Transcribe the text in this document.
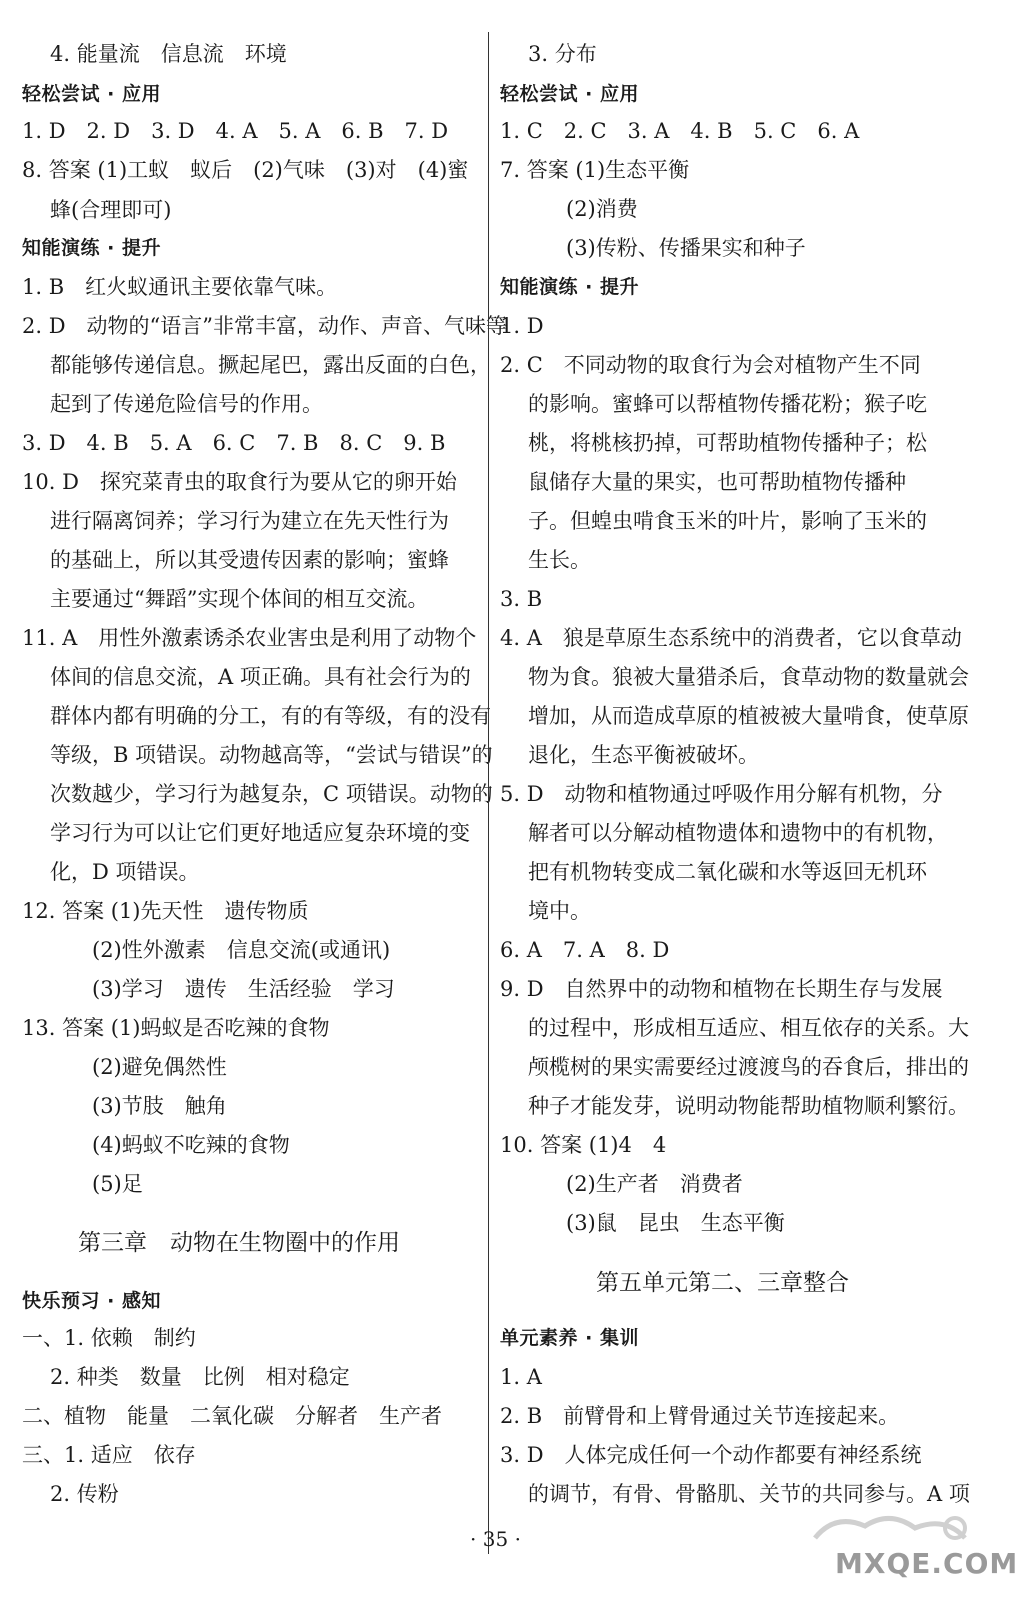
4. 能量流　信息流　环境
轻松尝试 · 应用
1. D　2. D　3. D　4. A　5. A　6. B　7. D
8. 答案 (1)工蚁　蚁后　(2)气味　(3)对　(4)蜜
蜂(合理即可)
知能演练 · 提升
1. B　红火蚁通讯主要依靠气味。
2. D　动物的“语言”非常丰富，动作、声音、气味等
都能够传递信息。撅起尾巴，露出反面的白色，
起到了传递危险信号的作用。
3. D　4. B　5. A　6. C　7. B　8. C　9. B
10. D　探究菜青虫的取食行为要从它的卵开始
进行隔离饲养；学习行为建立在先天性行为
的基础上，所以其受遗传因素的影响；蜜蜂
主要通过“舞蹈”实现个体间的相互交流。
11. A　用性外激素诱杀农业害虫是利用了动物个
体间的信息交流，A 项正确。具有社会行为的
群体内都有明确的分工，有的有等级，有的没有
等级，B 项错误。动物越高等，“尝试与错误”的
次数越少，学习行为越复杂，C 项错误。动物的
学习行为可以让它们更好地适应复杂环境的变
化，D 项错误。
12. 答案 (1)先天性　遗传物质
(2)性外激素　信息交流(或通讯)
(3)学习　遗传　生活经验　学习
13. 答案 (1)蚂蚁是否吃辣的食物
(2)避免偶然性
(3)节肢　触角
(4)蚂蚁不吃辣的食物
(5)足
快乐预习 · 感知
一、1. 依赖　制约
2. 种类　数量　比例　相对稳定
二、植物　能量　二氧化碳　分解者　生产者
三、1. 适应　依存
2. 传粉
第三章　动物在生物圈中的作用
3. 分布
轻松尝试 · 应用
1. C　2. C　3. A　4. B　5. C　6. A
7. 答案 (1)生态平衡
(2)消费
(3)传粉、传播果实和种子
知能演练 · 提升
1. D
2. C　不同动物的取食行为会对植物产生不同
的影响。蜜蜂可以帮植物传播花粉；猴子吃
桃，将桃核扔掉，可帮助植物传播种子；松
鼠储存大量的果实，也可帮助植物传播种
子。但蝗虫啃食玉米的叶片，影响了玉米的
生长。
3. B
4. A　狼是草原生态系统中的消费者，它以食草动
物为食。狼被大量猎杀后，食草动物的数量就会
增加，从而造成草原的植被被大量啃食，使草原
退化，生态平衡被破坏。
5. D　动物和植物通过呼吸作用分解有机物，分
解者可以分解动植物遗体和遗物中的有机物，
把有机物转变成二氧化碳和水等返回无机环
境中。
6. A　7. A　8. D
9. D　自然界中的动物和植物在长期生存与发展
的过程中，形成相互适应、相互依存的关系。大
颅榄树的果实需要经过渡渡鸟的吞食后，排出的
种子才能发芽，说明动物能帮助植物顺利繁衍。
10. 答案 (1)4　4
(2)生产者　消费者
(3)鼠　昆虫　生态平衡
单元素养 · 集训
1. A
2. B　前臂骨和上臂骨通过关节连接起来。
3. D　人体完成任何一个动作都要有神经系统
的调节，有骨、骨骼肌、关节的共同参与。A 项
第五单元第二、三章整合
· 35 ·
MXQE.COM
